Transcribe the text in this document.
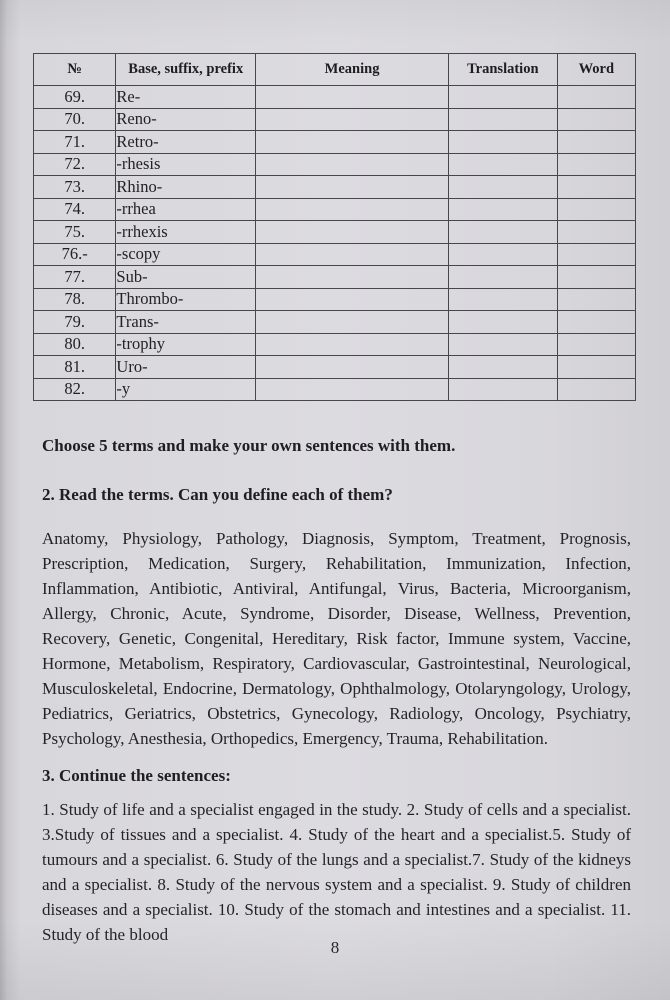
№	Base, suffix, prefix	Meaning	Translation	Word
69.	Re-			
70.	Reno-			
71.	Retro-			
72.	-rhesis			
73.	Rhino-			
74.	-rrhea			
75.	-rrhexis			
76.-	-scopy			
77.	Sub-			
78.	Thrombo-			
79.	Trans-			
80.	-trophy			
81.	Uro-			
82.	-y			

Choose 5 terms and make your own sentences with them.

2. Read the terms. Can you define each of them?

Anatomy, Physiology, Pathology, Diagnosis, Symptom, Treatment, Prognosis, Prescription, Medication, Surgery, Rehabilitation, Immunization, Infection, Inflammation, Antibiotic, Antiviral, Antifungal, Virus, Bacteria, Microorganism, Allergy, Chronic, Acute, Syndrome, Disorder, Disease, Wellness, Prevention, Recovery, Genetic, Congenital, Hereditary, Risk factor, Immune system, Vaccine, Hormone, Metabolism, Respiratory, Cardiovascular, Gastrointestinal, Neurological, Musculoskeletal, Endocrine, Dermatology, Ophthalmology, Otolaryngology, Urology, Pediatrics, Geriatrics, Obstetrics, Gynecology, Radiology, Oncology, Psychiatry, Psychology, Anesthesia, Orthopedics, Emergency, Trauma, Rehabilitation.

3. Continue the sentences:

1. Study of life and a specialist engaged in the study. 2. Study of cells and a specialist. 3.Study of tissues and a specialist. 4. Study of the heart and a specialist.5. Study of tumours and a specialist. 6. Study of the lungs and a specialist.7. Study of the kidneys and a specialist. 8. Study of the nervous system and a specialist. 9. Study of children diseases and a specialist. 10. Study of the stomach and intestines and a specialist. 11. Study of the blood

8
